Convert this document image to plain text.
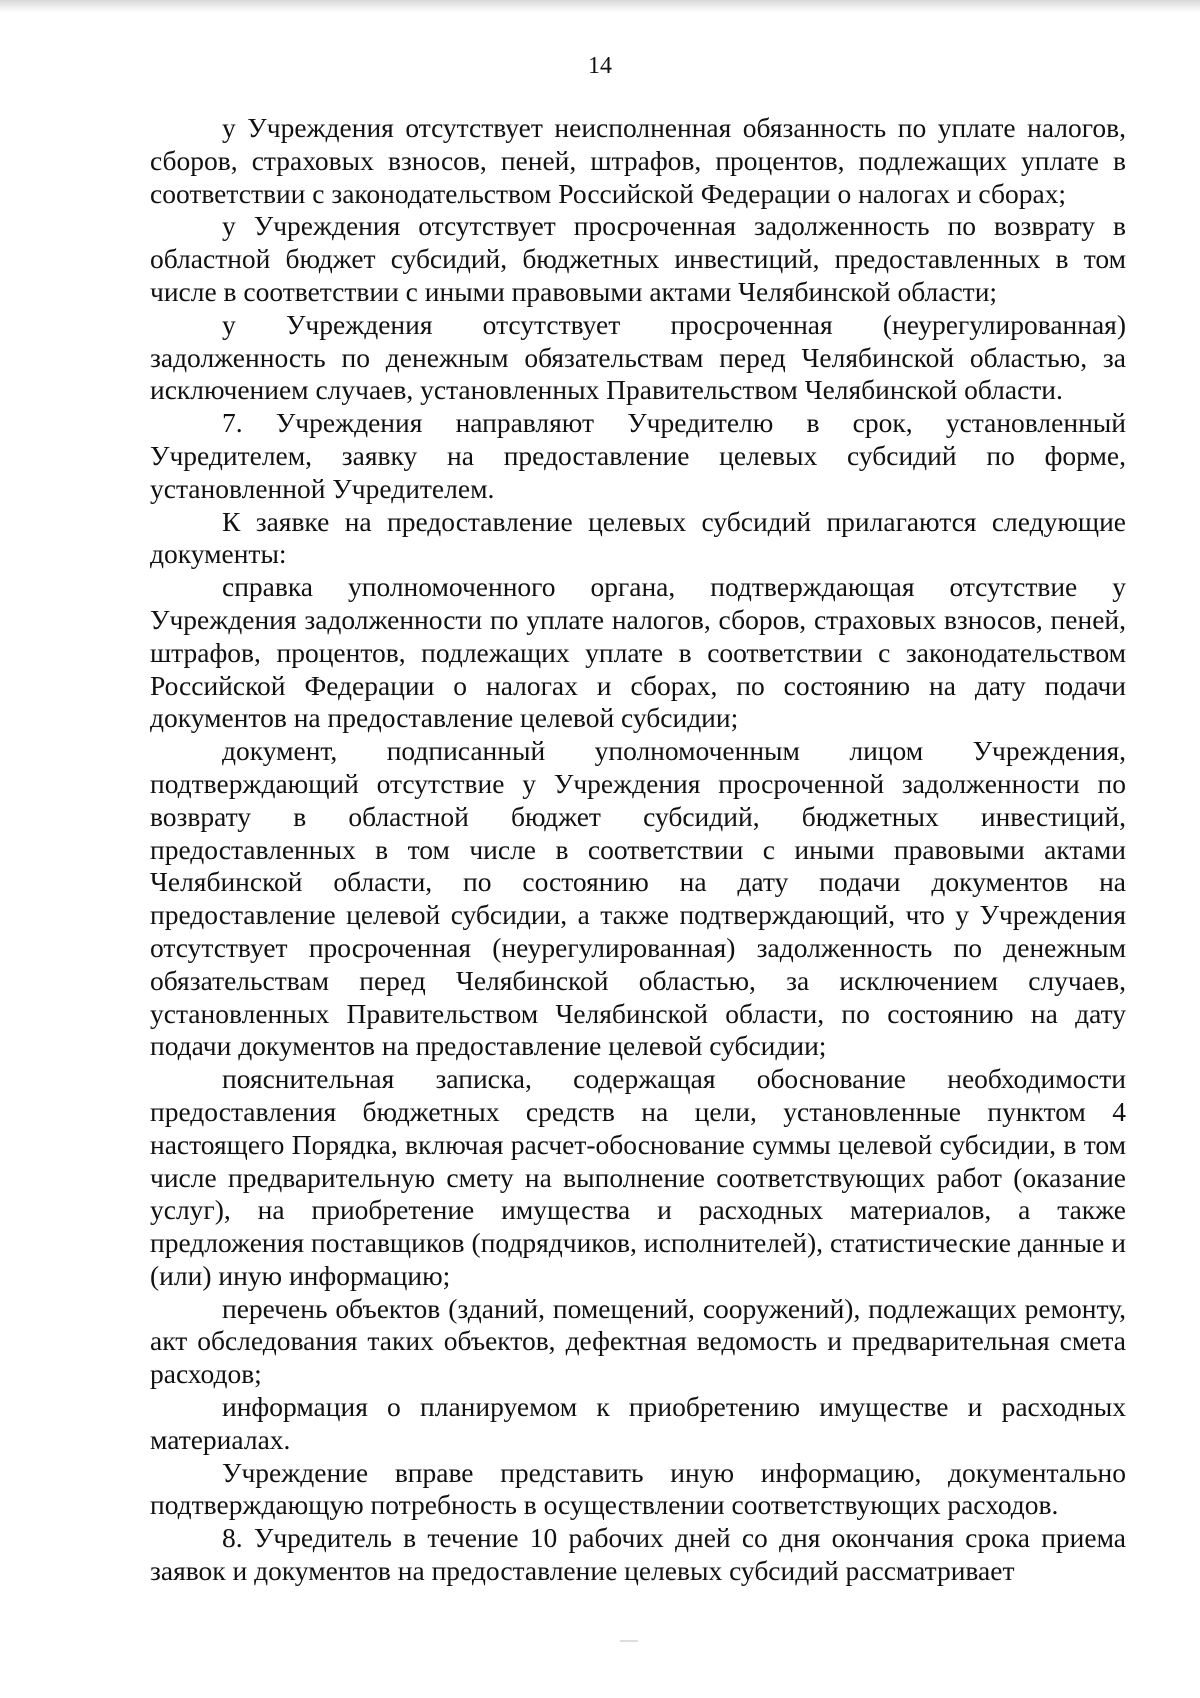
14

у Учреждения отсутствует неисполненная обязанность по уплате налогов, сборов, страховых взносов, пеней, штрафов, процентов, подлежащих уплате в соответствии с законодательством Российской Федерации о налогах и сборах;

у Учреждения отсутствует просроченная задолженность по возврату в областной бюджет субсидий, бюджетных инвестиций, предоставленных в том числе в соответствии с иными правовыми актами Челябинской области;

у Учреждения отсутствует просроченная (неурегулированная) задолженность по денежным обязательствам перед Челябинской областью, за исключением случаев, установленных Правительством Челябинской области.

7. Учреждения направляют Учредителю в срок, установленный Учредителем, заявку на предоставление целевых субсидий по форме, установленной Учредителем.

К заявке на предоставление целевых субсидий прилагаются следующие документы:

справка уполномоченного органа, подтверждающая отсутствие у Учреждения задолженности по уплате налогов, сборов, страховых взносов, пеней, штрафов, процентов, подлежащих уплате в соответствии с законодательством Российской Федерации о налогах и сборах, по состоянию на дату подачи документов на предоставление целевой субсидии;

документ, подписанный уполномоченным лицом Учреждения, подтверждающий отсутствие у Учреждения просроченной задолженности по возврату в областной бюджет субсидий, бюджетных инвестиций, предоставленных в том числе в соответствии с иными правовыми актами Челябинской области, по состоянию на дату подачи документов на предоставление целевой субсидии, а также подтверждающий, что у Учреждения отсутствует просроченная (неурегулированная) задолженность по денежным обязательствам перед Челябинской областью, за исключением случаев, установленных Правительством Челябинской области, по состоянию на дату подачи документов на предоставление целевой субсидии;

пояснительная записка, содержащая обоснование необходимости предоставления бюджетных средств на цели, установленные пунктом 4 настоящего Порядка, включая расчет-обоснование суммы целевой субсидии, в том числе предварительную смету на выполнение соответствующих работ (оказание услуг), на приобретение имущества и расходных материалов, а также предложения поставщиков (подрядчиков, исполнителей), статистические данные и (или) иную информацию;

перечень объектов (зданий, помещений, сооружений), подлежащих ремонту, акт обследования таких объектов, дефектная ведомость и предварительная смета расходов;

информация о планируемом к приобретению имуществе и расходных материалах.

Учреждение вправе представить иную информацию, документально подтверждающую потребность в осуществлении соответствующих расходов.

8. Учредитель в течение 10 рабочих дней со дня окончания срока приема заявок и документов на предоставление целевых субсидий рассматривает
